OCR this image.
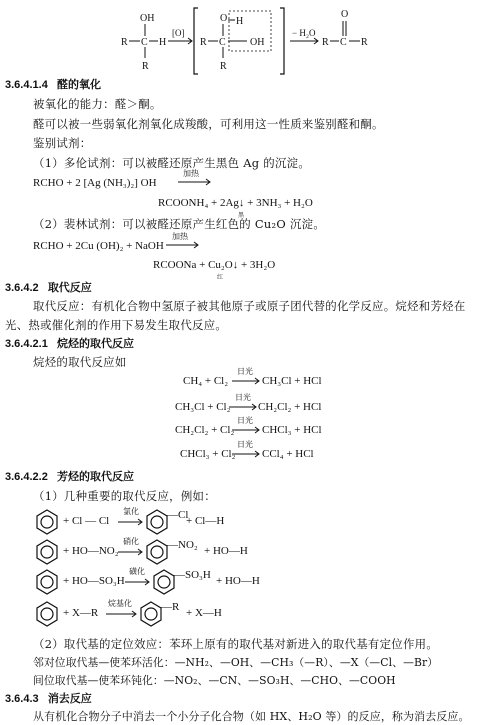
OH
R C H
R
[O]
R C
O
R
H
OH
− H₂O
R C
O
R
3.6.4.1.4 醛的氧化
被氧化的能力：醛＞酮。
醛可以被一些弱氧化剂氧化成羧酸，可利用这一性质来鉴别醛和酮。
鉴别试剂：
（1）多伦试剂：可以被醛还原产生黑色 Ag 的沉淀。
RCHO + 2 [Ag (NH₃)₂] OH
加热
RCOONH₄ + 2Ag↓ + 3NH₃ + H₂O
黑
（2）裴林试剂：可以被醛还原产生红色的 Cu₂O 沉淀。
RCHO + 2Cu (OH)₂ + NaOH
加热
RCOONa + Cu₂O↓ + 3H₂O
红
3.6.4.2 取代反应
取代反应：有机化合物中氢原子被其他原子或原子团代替的化学反应。烷烃和芳烃在
光、热或催化剂的作用下易发生取代反应。
3.6.4.2.1 烷烃的取代反应
烷烃的取代反应如
CH₄ + Cl₂
日光
CH₃Cl + HCl
CH₃Cl + Cl₂
日光
CH₂Cl₂ + HCl
CH₂Cl₂ + Cl₂
日光
CHCl₃ + HCl
CHCl₃ + Cl₂
日光
CCl₄ + HCl
3.6.4.2.2 芳烃的取代反应
（1）几种重要的取代反应，例如：
+ Cl — Cl
氯化	—Cl
+ Cl—H
+ HO—NO₂
硝化	—NO₂ + HO—H
+ HO—SO₃H
磺化	—SO₃H + HO—H
+ X—R
烷基化	—R + X—H
（2）取代基的定位效应：苯环上原有的取代基对新进入的取代基有定位作用。
邻对位取代基—使苯环活化：—NH₂、—OH、—CH₃（—R）、—X（—Cl、—Br）
间位取代基—使苯环钝化：—NO₂、—CN、—SO₃H、—CHO、—COOH
3.6.4.3 消去反应
从有机化合物分子中消去一个小分子化合物（如 HX、H₂O 等）的反应，称为消去反应。
